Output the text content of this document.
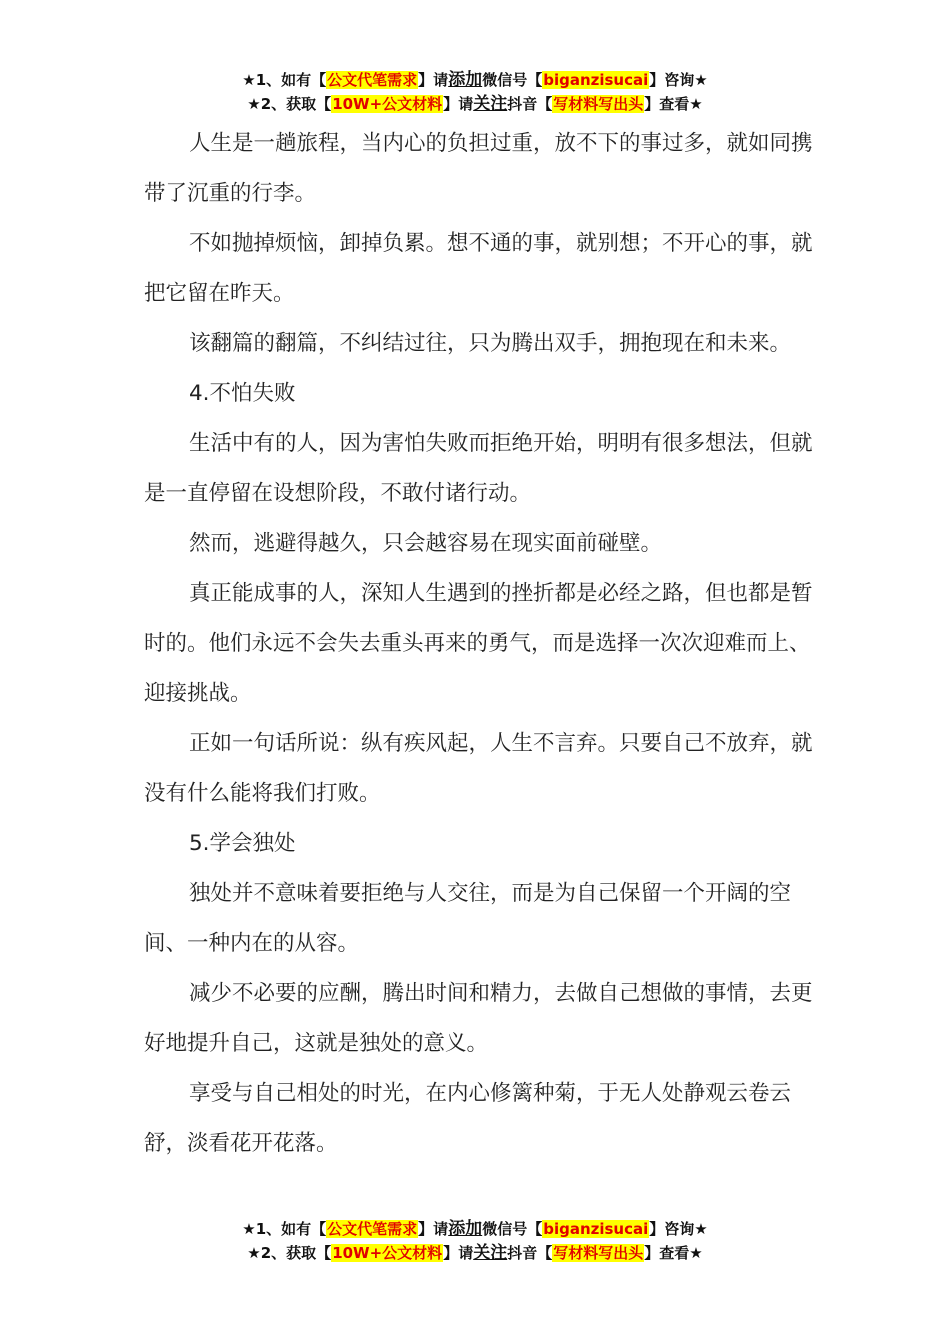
★1、如有【公文代笔需求】请添加微信号【biganzisucai】咨询★
★2、获取【10W+公文材料】请关注抖音【写材料写出头】查看★

人生是一趟旅程，当内心的负担过重，放不下的事过多，就如同携带了沉重的行李。

不如抛掉烦恼，卸掉负累。想不通的事，就别想；不开心的事，就把它留在昨天。

该翻篇的翻篇，不纠结过往，只为腾出双手，拥抱现在和未来。

4.不怕失败

生活中有的人，因为害怕失败而拒绝开始，明明有很多想法，但就是一直停留在设想阶段，不敢付诸行动。

然而，逃避得越久，只会越容易在现实面前碰壁。

真正能成事的人，深知人生遇到的挫折都是必经之路，但也都是暂时的。他们永远不会失去重头再来的勇气，而是选择一次次迎难而上、迎接挑战。

正如一句话所说：纵有疾风起，人生不言弃。只要自己不放弃，就没有什么能将我们打败。

5.学会独处

独处并不意味着要拒绝与人交往，而是为自己保留一个开阔的空间、一种内在的从容。

减少不必要的应酬，腾出时间和精力，去做自己想做的事情，去更好地提升自己，这就是独处的意义。

享受与自己相处的时光，在内心修篱种菊，于无人处静观云卷云舒，淡看花开花落。

★1、如有【公文代笔需求】请添加微信号【biganzisucai】咨询★
★2、获取【10W+公文材料】请关注抖音【写材料写出头】查看★
